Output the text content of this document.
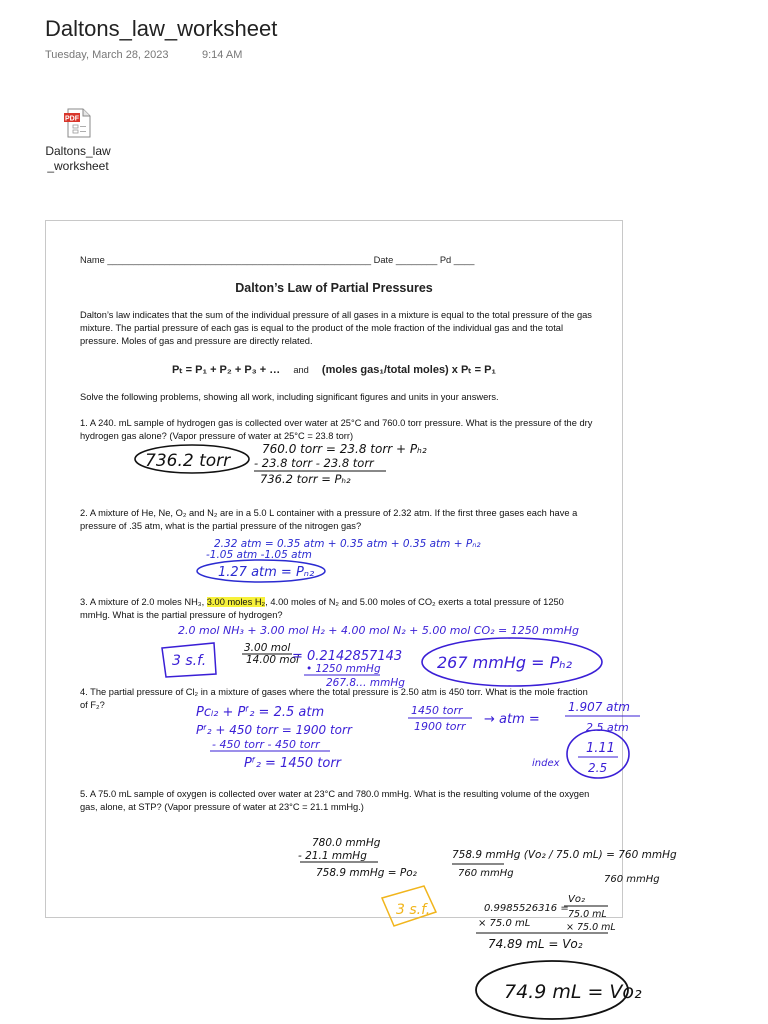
Daltons_law_worksheet
Tuesday, March 28, 2023	9:14 AM
PDF
Daltons_law
_worksheet
Name ___________________________________________________ Date ________ Pd ____
Dalton’s Law of Partial Pressures
Dalton’s law indicates that the sum of the individual pressure of all gases in a mixture is equal to the total pressure of the gas mixture. The partial pressure of each gas is equal to the product of the mole fraction of the individual gas and the total pressure. Moles of gas and pressure are directly related.
Pₜ = P₁ + P₂ + P₃ + … and (moles gas₁/total moles) x Pₜ = P₁
Solve the following problems, showing all work, including significant figures and units in your answers.
1. A 240. mL sample of hydrogen gas is collected over water at 25°C and 760.0 torr pressure. What is the pressure of the dry hydrogen gas alone? (Vapor pressure of water at 25°C = 23.8 torr)
2. A mixture of He, Ne, O₂ and N₂ are in a 5.0 L container with a pressure of 2.32 atm. If the first three gases each have a pressure of .35 atm, what is the partial pressure of the nitrogen gas?
3. A mixture of 2.0 moles NH₃, 3.00 moles H₂, 4.00 moles of N₂ and 5.00 moles of CO₂ exerts a total pressure of 1250 mmHg. What is the partial pressure of hydrogen?
4. The partial pressure of Cl₂ in a mixture of gases where the total pressure is 2.50 atm is 450 torr. What is the mole fraction of F₂?
5. A 75.0 mL sample of oxygen is collected over water at 23°C and 780.0 mmHg. What is the resulting volume of the oxygen gas, alone, at STP? (Vapor pressure of water at 23°C = 21.1 mmHg.)
736.2 torr
760.0 torr = 23.8 torr + Pₕ₂
- 23.8 torr - 23.8 torr
736.2 torr = Pₕ₂
2.32 atm = 0.35 atm + 0.35 atm + 0.35 atm + Pₙ₂
-1.05 atm -1.05 atm
1.27 atm = Pₙ₂
2.0 mol NH₃ + 3.00 mol H₂ + 4.00 mol N₂ + 5.00 mol CO₂ = 1250 mmHg
3 s.f.
3.00 mol
14.00 mol
= 0.2142857143
• 1250 mmHg
267.8… mmHg
267 mmHg = Pₕ₂
Pᴄₗ₂ + Pᶠ₂ = 2.5 atm
Pᶠ₂ + 450 torr = 1900 torr
- 450 torr - 450 torr
Pᶠ₂ = 1450 torr
1450 torr
1900 torr → atm =
1.907 atm
2.5 atm
index
1.11
2.5
780.0 mmHg
- 21.1 mmHg
758.9 mmHg = Pᴏ₂
3 s.f.
758.9 mmHg (Vᴏ₂ / 75.0 mL) = 760 mmHg
760 mmHg
760 mmHg
0.9985526316 =
Vᴏ₂
75.0 mL
× 75.0 mL	× 75.0 mL
74.89 mL = Vᴏ₂
74.9 mL = Vᴏ₂
